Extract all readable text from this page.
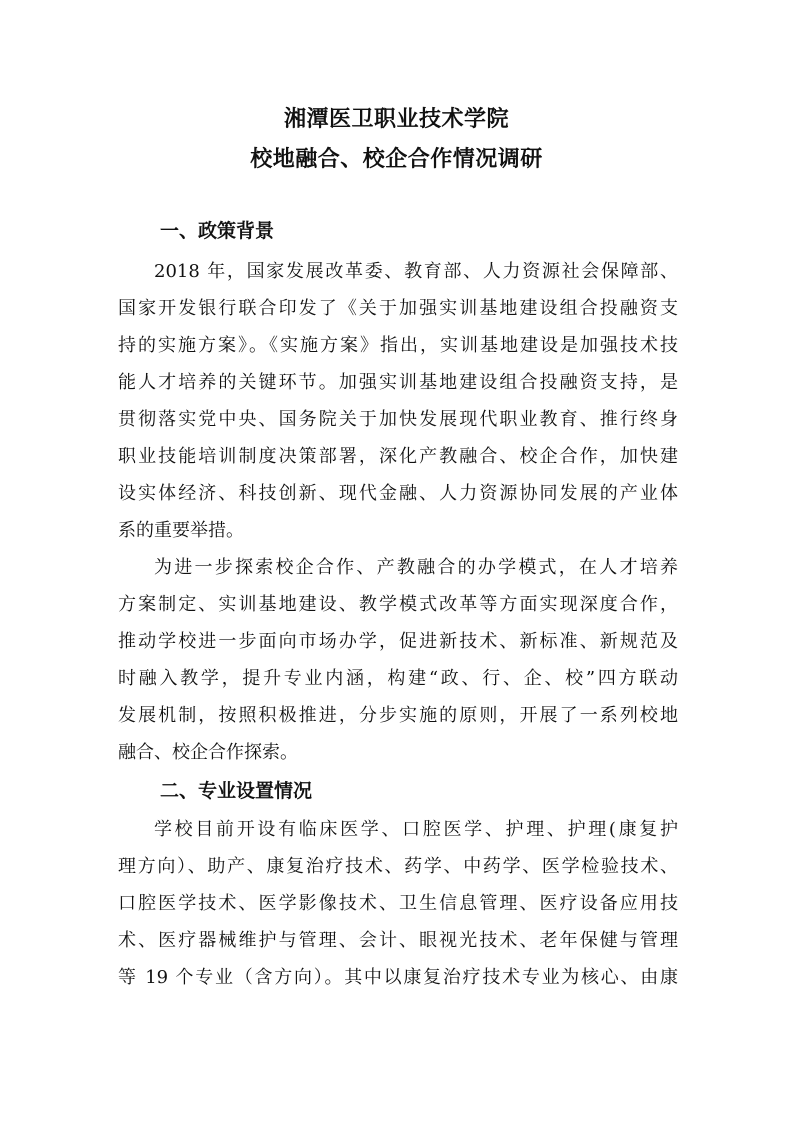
湘潭医卫职业技术学院
校地融合、校企合作情况调研
一、政策背景
2018 年，国家发展改革委、教育部、人力资源社会保障部、
国家开发银行联合印发了《关于加强实训基地建设组合投融资支
持的实施方案》。《实施方案》指出，实训基地建设是加强技术技
能人才培养的关键环节。加强实训基地建设组合投融资支持，是
贯彻落实党中央、国务院关于加快发展现代职业教育、推行终身
职业技能培训制度决策部署，深化产教融合、校企合作，加快建
设实体经济、科技创新、现代金融、人力资源协同发展的产业体
系的重要举措。
为进一步探索校企合作、产教融合的办学模式，在人才培养
方案制定、实训基地建设、教学模式改革等方面实现深度合作，
推动学校进一步面向市场办学，促进新技术、新标准、新规范及
时融入教学，提升专业内涵，构建“政、行、企、校”四方联动
发展机制，按照积极推进，分步实施的原则，开展了一系列校地
融合、校企合作探索。
二、专业设置情况
学校目前开设有临床医学、口腔医学、护理、护理(康复护
理方向）、助产、康复治疗技术、药学、中药学、医学检验技术、
口腔医学技术、医学影像技术、卫生信息管理、医疗设备应用技
术、医疗器械维护与管理、会计、眼视光技术、老年保健与管理
等 19 个专业（含方向）。其中以康复治疗技术专业为核心、由康
